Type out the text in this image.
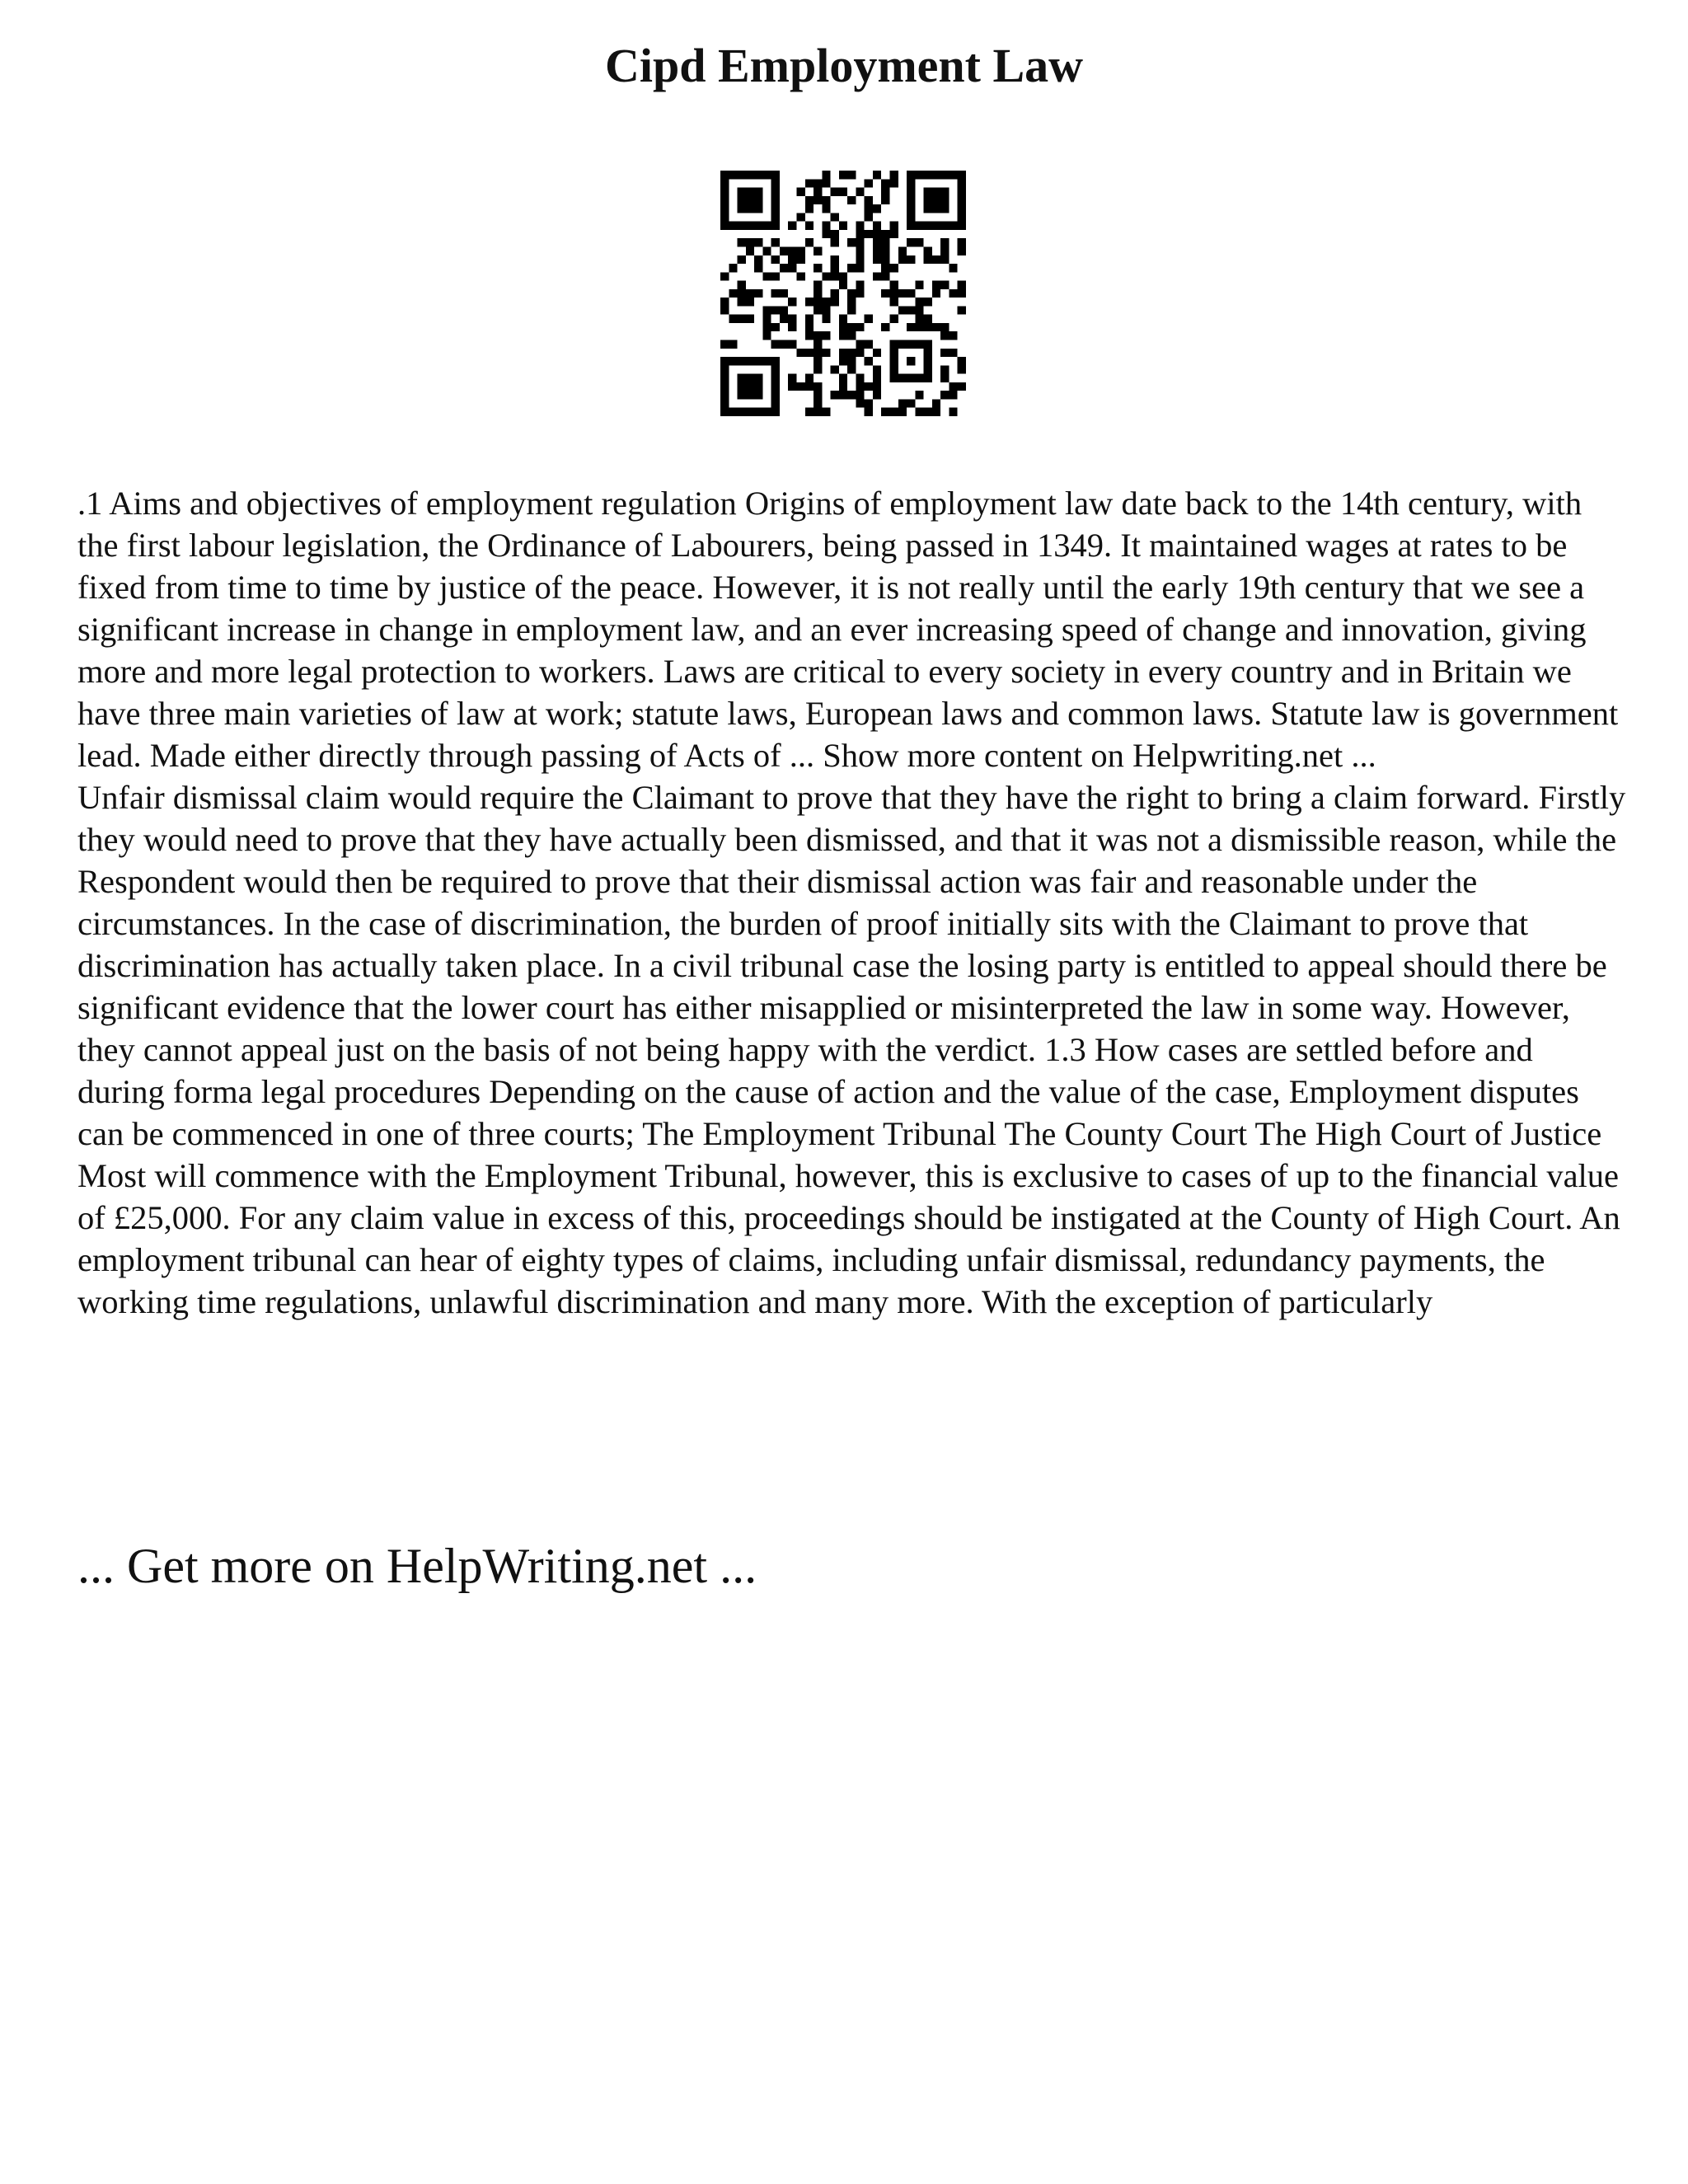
Cipd Employment Law

.1 Aims and objectives of employment regulation Origins of employment law date back to the 14th century, with the first labour legislation, the Ordinance of Labourers, being passed in 1349. It maintained wages at rates to be fixed from time to time by justice of the peace. However, it is not really until the early 19th century that we see a significant increase in change in employment law, and an ever increasing speed of change and innovation, giving more and more legal protection to workers. Laws are critical to every society in every country and in Britain we have three main varieties of law at work; statute laws, European laws and common laws. Statute law is government lead. Made either directly through passing of Acts of ... Show more content on Helpwriting.net ...

Unfair dismissal claim would require the Claimant to prove that they have the right to bring a claim forward. Firstly they would need to prove that they have actually been dismissed, and that it was not a dismissible reason, while the Respondent would then be required to prove that their dismissal action was fair and reasonable under the circumstances. In the case of discrimination, the burden of proof initially sits with the Claimant to prove that discrimination has actually taken place. In a civil tribunal case the losing party is entitled to appeal should there be significant evidence that the lower court has either misapplied or misinterpreted the law in some way. However, they cannot appeal just on the basis of not being happy with the verdict. 1.3 How cases are settled before and during forma legal procedures Depending on the cause of action and the value of the case, Employment disputes can be commenced in one of three courts; The Employment Tribunal The County Court The High Court of Justice Most will commence with the Employment Tribunal, however, this is exclusive to cases of up to the financial value of £25,000. For any claim value in excess of this, proceedings should be instigated at the County of High Court. An employment tribunal can hear of eighty types of claims, including unfair dismissal, redundancy payments, the working time regulations, unlawful discrimination and many more. With the exception of particularly

... Get more on HelpWriting.net ...
